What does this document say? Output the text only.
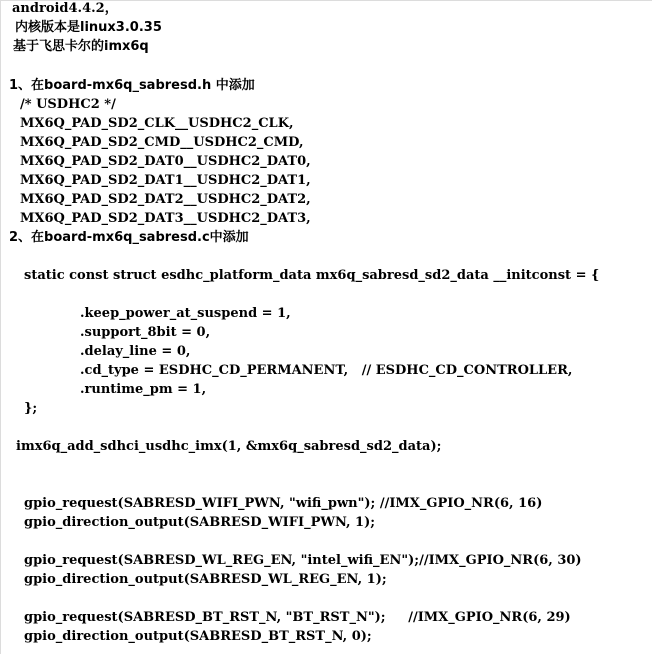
android4.4.2，
内核版本是linux3.0.35
基于飞思卡尔的imx6q
1、在board-mx6q_sabresd.h 中添加
/* USDHC2 */
MX6Q_PAD_SD2_CLK__USDHC2_CLK,
MX6Q_PAD_SD2_CMD__USDHC2_CMD,
MX6Q_PAD_SD2_DAT0__USDHC2_DAT0,
MX6Q_PAD_SD2_DAT1__USDHC2_DAT1,
MX6Q_PAD_SD2_DAT2__USDHC2_DAT2,
MX6Q_PAD_SD2_DAT3__USDHC2_DAT3,
2、在board-mx6q_sabresd.c中添加
static const struct esdhc_platform_data mx6q_sabresd_sd2_data __initconst = {
.keep_power_at_suspend = 1,
.support_8bit = 0,
.delay_line = 0,
.cd_type = ESDHC_CD_PERMANENT,   // ESDHC_CD_CONTROLLER,
.runtime_pm = 1,
};
imx6q_add_sdhci_usdhc_imx(1, &mx6q_sabresd_sd2_data);
gpio_request(SABRESD_WIFI_PWN, "wifi_pwn"); //IMX_GPIO_NR(6, 16)
gpio_direction_output(SABRESD_WIFI_PWN, 1);
gpio_request(SABRESD_WL_REG_EN, "intel_wifi_EN");//IMX_GPIO_NR(6, 30)
gpio_direction_output(SABRESD_WL_REG_EN, 1);
gpio_request(SABRESD_BT_RST_N, "BT_RST_N");     //IMX_GPIO_NR(6, 29)
gpio_direction_output(SABRESD_BT_RST_N, 0);
